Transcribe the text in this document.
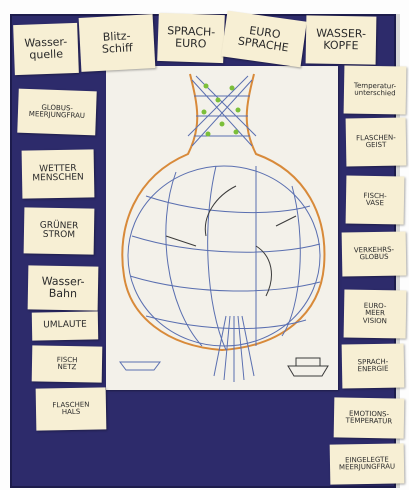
Wasser-
quelle
Blitz-
Schiff
SPRACH-
EURO
EURO
SPRACHE
WASSER-
KOPFE
GLOBUS-
MEERJUNGFRAU
WETTER
MENSCHEN
GRÜNER
STROM
Wasser-
Bahn
UMLAUTE
FISCH
NETZ
FLASCHEN
HALS
Temperatur-
unterschied
FLASCHEN-
GEIST
FISCH-
VASE
VERKEHRS-
GLOBUS
EURO-
MEER
VISION
SPRACH-
ENERGIE
EMOTIONS-
TEMPERATUR
EINGELEGTE
MEERJUNGFRAU
